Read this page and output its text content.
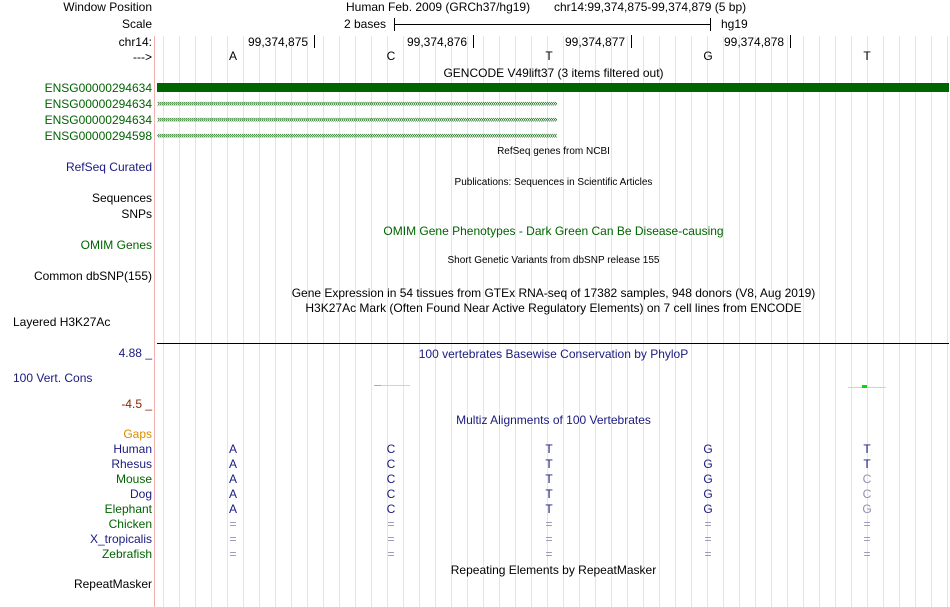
Window Position	Human Feb. 2009 (GRCh37/hg19) chr14:99,374,875-99,374,879 (5 bp)
Scale	2 bases	hg19
chr14:	99,374,875	99,374,876	99,374,877	99,374,878
--->	A	C	T	G	T
GENCODE V49lift37 (3 items filtered out)
ENSG00000294634
ENSG00000294634 ››››››››››››››››››››››››››››››››››››››››››››››››››››››››››››››››››››››››››››››››››››››››››››››››››››››››››››››››››››››››››››››››››››››››››››››››››››››››››››››››››››››››››››››››››››››››››››››››››››››››
ENSG00000294634 ››››››››››››››››››››››››››››››››››››››››››››››››››››››››››››››››››››››››››››››››››››››››››››››››››››››››››››››››››››››››››››››››››››››››››››››››››››››››››››››››››››››››››››››››››››››››››››››››››››››››
ENSG00000294598 ‹‹‹‹‹‹‹‹‹‹‹‹‹‹‹‹‹‹‹‹‹‹‹‹‹‹‹‹‹‹‹‹‹‹‹‹‹‹‹‹‹‹‹‹‹‹‹‹‹‹‹‹‹‹‹‹‹‹‹‹‹‹‹‹‹‹‹‹‹‹‹‹‹‹‹‹‹‹‹‹‹‹‹‹‹‹‹‹‹‹‹‹‹‹‹‹‹‹‹‹‹‹‹‹‹‹‹‹‹‹‹‹‹‹‹‹‹‹‹‹‹‹‹‹‹‹‹‹‹‹‹‹‹‹‹‹‹‹‹‹‹‹‹‹‹‹‹‹‹‹‹‹‹‹‹‹‹‹‹‹‹‹‹‹‹‹‹‹‹‹‹‹‹‹‹‹‹‹‹‹‹‹‹‹‹‹‹‹‹‹‹‹‹‹‹‹‹‹‹‹
RefSeq genes from NCBI
RefSeq Curated
Publications: Sequences in Scientific Articles
Sequences
SNPs
OMIM Gene Phenotypes - Dark Green Can Be Disease-causing
OMIM Genes
Short Genetic Variants from dbSNP release 155
Common dbSNP(155)
Gene Expression in 54 tissues from GTEx RNA-seq of 17382 samples, 948 donors (V8, Aug 2019)
H3K27Ac Mark (Often Found Near Active Regulatory Elements) on 7 cell lines from ENCODE
Layered H3K27Ac
4.88 _	100 vertebrates Basewise Conservation by PhyloP
100 Vert. Cons
-4.5 _
Multiz Alignments of 100 Vertebrates
Gaps
Human	A	C	T	G	T
Rhesus	A	C	T	G	T
Mouse	A	C	T	G	C
Dog	A	C	T	G	C
Elephant	A	C	T	G	G
Chicken	=	=	=	=	=
X_tropicalis	=	=	=	=	=
Zebrafish	=	=	=	=	=
Repeating Elements by RepeatMasker
RepeatMasker
